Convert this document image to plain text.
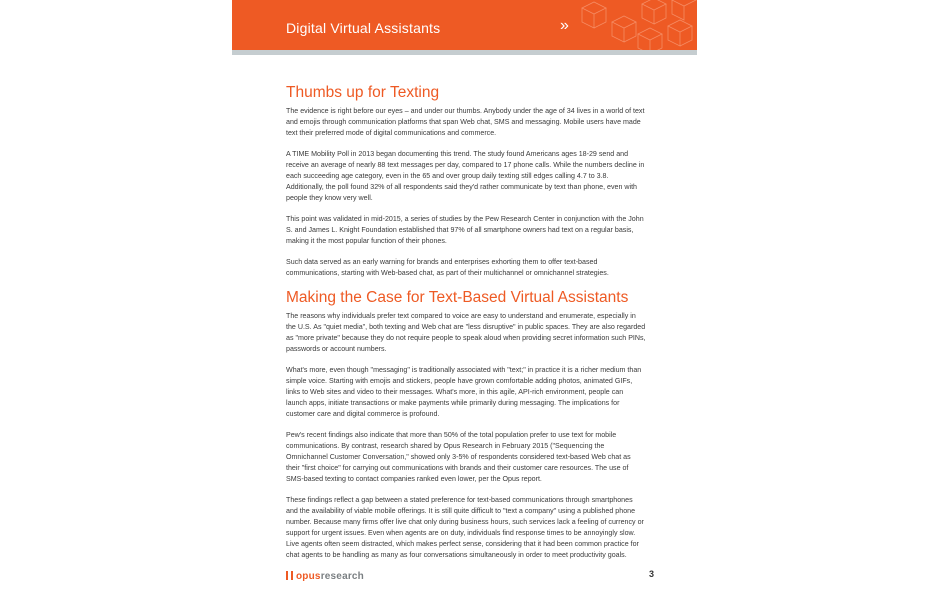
Digital Virtual Assistants	»
Thumbs up for Texting

The evidence is right before our eyes – and under our thumbs. Anybody under the age of 34 lives in a world of text and emojis through communication platforms that span Web chat, SMS and messaging. Mobile users have made text their preferred mode of digital communications and commerce.

A TIME Mobility Poll in 2013 began documenting this trend. The study found Americans ages 18-29 send and receive an average of nearly 88 text messages per day, compared to 17 phone calls. While the numbers decline in each succeeding age category, even in the 65 and over group daily texting still edges calling 4.7 to 3.8. Additionally, the poll found 32% of all respondents said they'd rather communicate by text than phone, even with people they know very well.

This point was validated in mid-2015, a series of studies by the Pew Research Center in conjunction with the John S. and James L. Knight Foundation established that 97% of all smartphone owners had text on a regular basis, making it the most popular function of their phones.

Such data served as an early warning for brands and enterprises exhorting them to offer text-based communications, starting with Web-based chat, as part of their multichannel or omnichannel strategies.

Making the Case for Text-Based Virtual Assistants

The reasons why individuals prefer text compared to voice are easy to understand and enumerate, especially in the U.S. As "quiet media", both texting and Web chat are "less disruptive" in public spaces. They are also regarded as "more private" because they do not require people to speak aloud when providing secret information such PINs, passwords or account numbers.

What's more, even though "messaging" is traditionally associated with "text;" in practice it is a richer medium than simple voice. Starting with emojis and stickers, people have grown comfortable adding photos, animated GIFs, links to Web sites and video to their messages. What's more, in this agile, API-rich environment, people can launch apps, initiate transactions or make payments while primarily during messaging. The implications for customer care and digital commerce is profound.

Pew's recent findings also indicate that more than 50% of the total population prefer to use text for mobile communications. By contrast, research shared by Opus Research in February 2015 ("Sequencing the Omnichannel Customer Conversation," showed only 3-5% of respondents considered text-based Web chat as their "first choice" for carrying out communications with brands and their customer care resources. The use of SMS-based texting to contact companies ranked even lower, per the Opus report.

These findings reflect a gap between a stated preference for text-based communications through smartphones and the availability of viable mobile offerings. It is still quite difficult to "text a company" using a published phone number. Because many firms offer live chat only during business hours, such services lack a feeling of currency or support for urgent issues. Even when agents are on duty, individuals find response times to be annoyingly slow. Live agents often seem distracted, which makes perfect sense, considering that it had been common practice for chat agents to be handling as many as four conversations simultaneously in order to meet productivity goals.

opusresearch	3
